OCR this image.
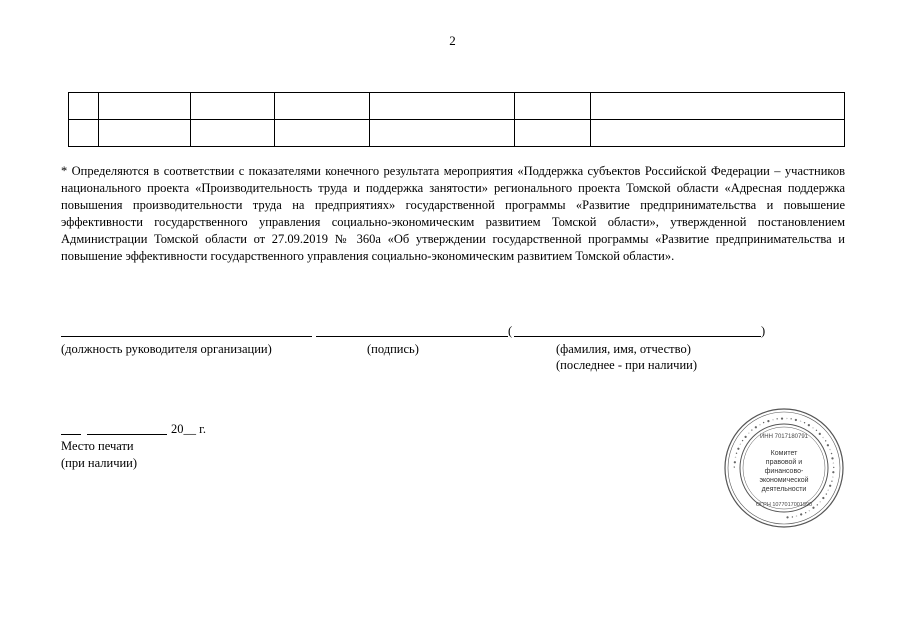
2

* Определяются в соответствии с показателями конечного результата мероприятия «Поддержка субъектов Российской Федерации – участников национального проекта «Производительность труда и поддержка занятости» регионального проекта Томской области «Адресная поддержка повышения производительности труда на предприятиях» государственной программы «Развитие предпринимательства и повышение эффективности государственного управления социально-экономическим развитием Томской области», утвержденной постановлением Администрации Томской области от 27.09.2019 № 360а «Об утверждении государственной программы «Развитие предпринимательства и повышение эффективности государственного управления социально-экономическим развитием Томской области».
(	)
(должность руководителя организации)	(подпись)	(фамилия, имя, отчество)
(последнее - при наличии)
20__ г.
Место печати
(при наличии)	• ● ◦ • ● ◦ • ● ◦ • ● ◦ • ● ◦ • ● ◦ • ● ◦ • ● ◦ • ● ◦ • ● ◦ • ● ◦ • ● ◦ • ● ◦ • ● ◦ • ● ◦ • ● ◦ • ●
ИНН 7017180791
ОГРН 1077017001990
Комитет
правовой и
финансово-
экономической
деятельности
